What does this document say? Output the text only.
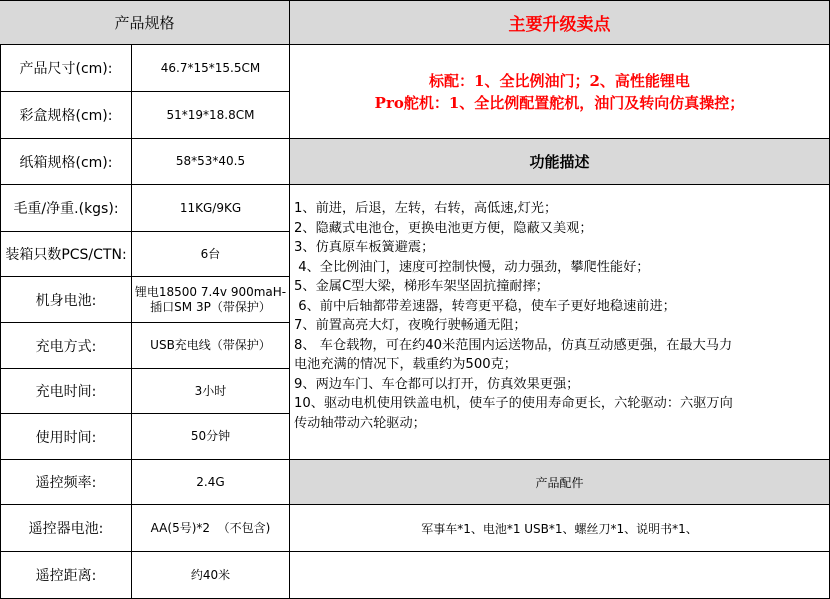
产品规格	主要升级卖点
产品尺寸(cm):
彩盒规格(cm):
纸箱规格(cm):
毛重/净重.(kgs):
装箱只数PCS/CTN:
机身电池:
充电方式:
充电时间:
使用时间:
遥控频率:
遥控器电池:
遥控距离:
46.7*15*15.5CM
51*19*18.8CM
58*53*40.5
11KG/9KG
6台
锂电18500 7.4v 900maH-
插口SM 3P（带保护）
USB充电线（带保护）
3小时
50分钟
2.4G
AA(5号)*2  （不包含)
约40米
标配：1、全比例油门；2、高性能锂电
Pro舵机：1、全比例配置舵机，油门及转向仿真操控；
功能描述
1、前进，后退，左转，右转，高低速,灯光；
2、隐藏式电池仓，更换电池更方便，隐蔽又美观；
3、仿真原车板簧避震；
4、全比例油门，速度可控制快慢，动力强劲，攀爬性能好；
5、金属C型大梁，梯形车架坚固抗撞耐摔；
6、前中后轴都带差速器，转弯更平稳，使车子更好地稳速前进；
7、前置高亮大灯，夜晚行驶畅通无阻；
8、 车仓载物，可在约40米范围内运送物品，仿真互动感更强，在最大马力
电池充满的情况下，载重约为500克；
9、两边车门、车仓都可以打开，仿真效果更强；
10、驱动电机使用铁盖电机，使车子的使用寿命更长，六轮驱动：六驱万向
传动轴带动六轮驱动；
产品配件
军事车*1、电池*1 USB*1、螺丝刀*1、说明书*1、
